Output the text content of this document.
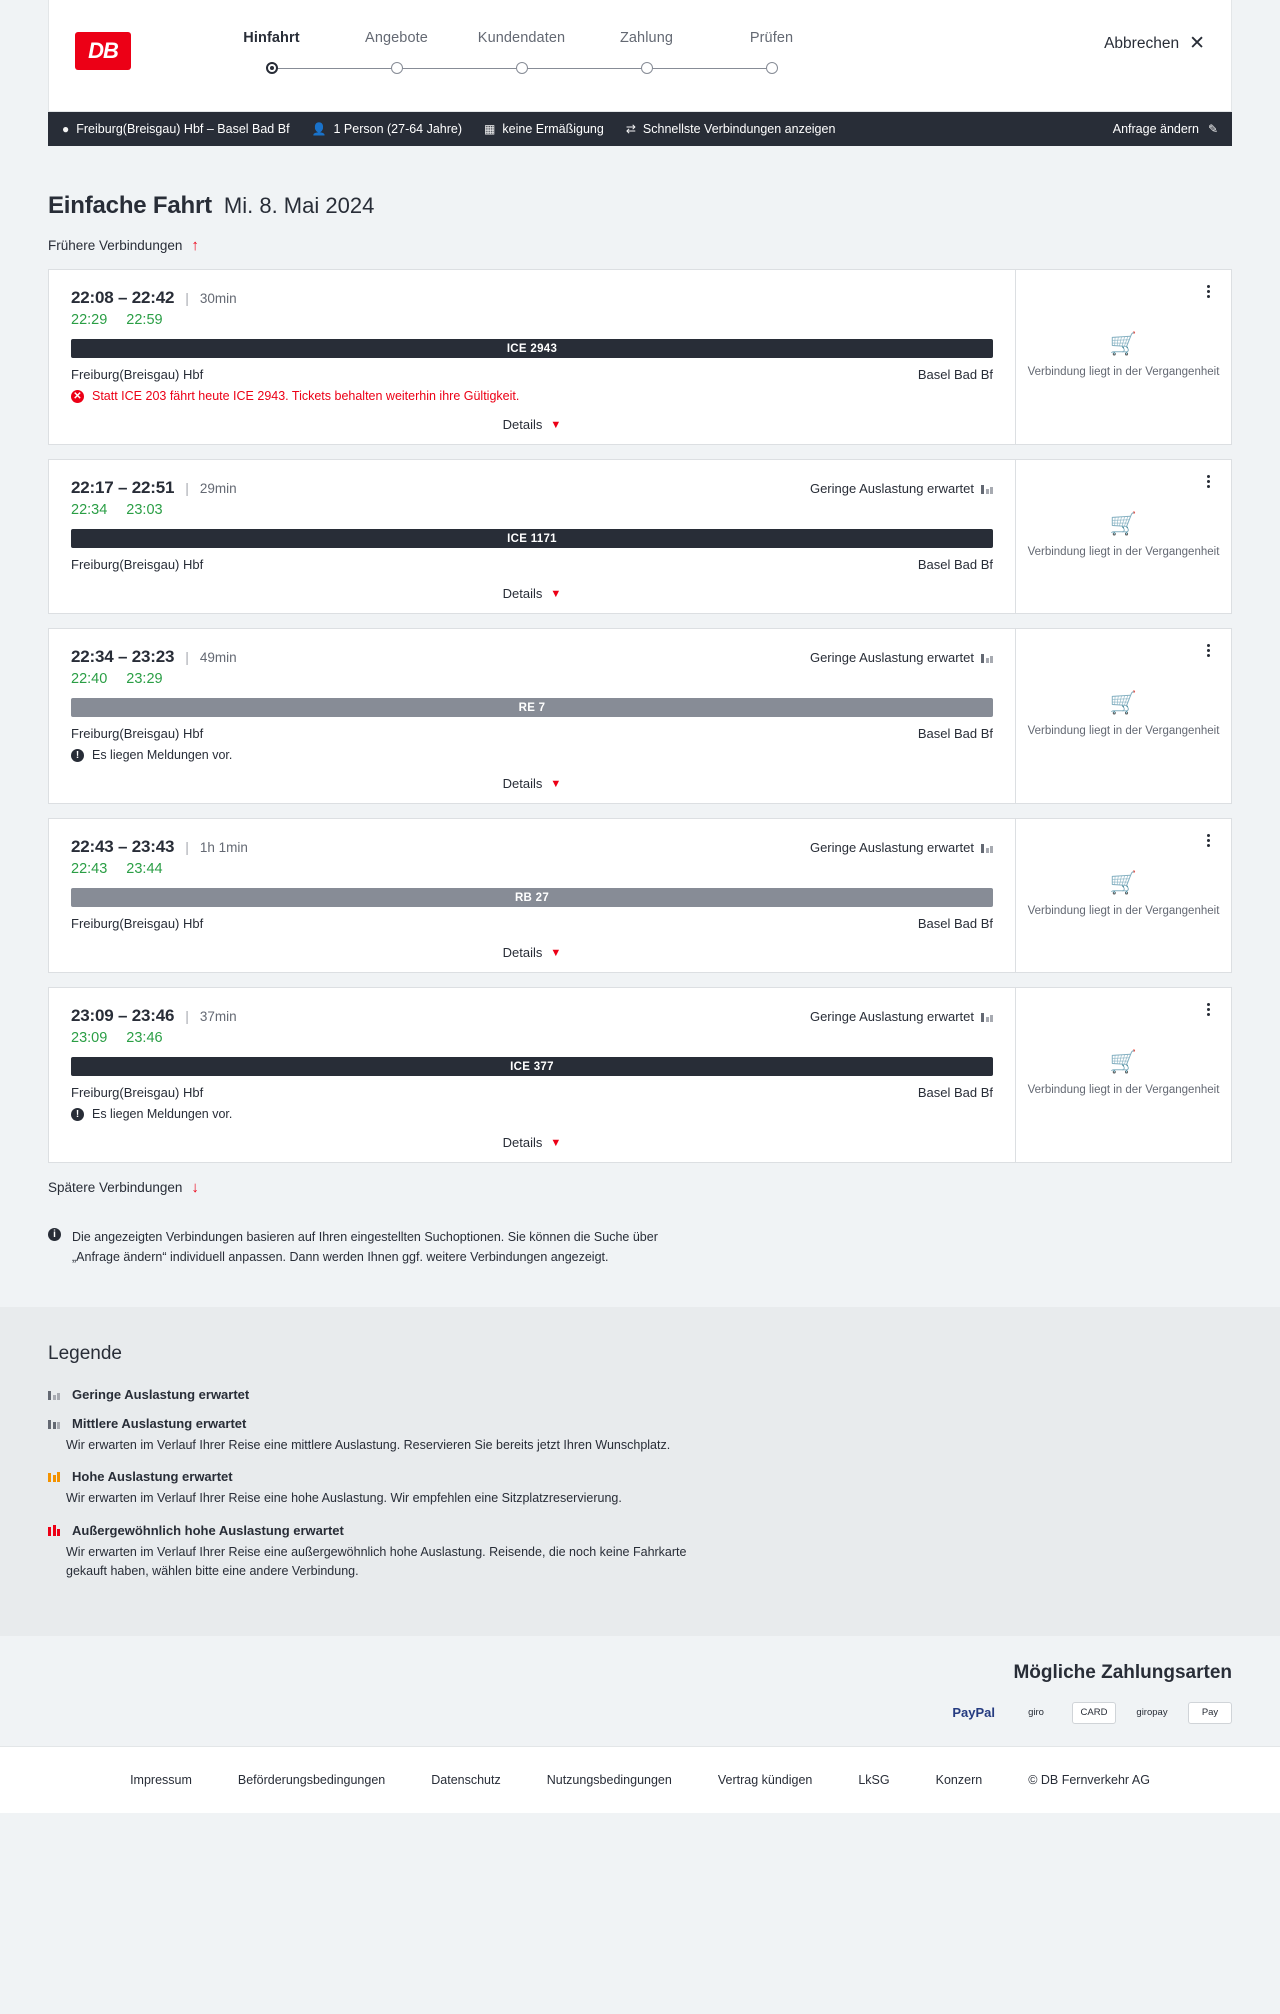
DB	Hinfahrt	Angebote	Kundendaten	Zahlung	Prüfen	Abbrechen ✕
● Freiburg(Breisgau) Hbf – Basel Bad Bf 👤 1 Person (27-64 Jahre) ▦ keine Ermäßigung ⇄ Schnellste Verbindungen anzeigen	Anfrage ändern ✎
Einfache Fahrt Mi. 8. Mai 2024
Frühere Verbindungen ↑
22:08 – 22:42 | 30min
22:29 22:59
ICE 2943
Freiburg(Breisgau) Hbf	Basel Bad Bf
✕ Statt ICE 203 fährt heute ICE 2943. Tickets behalten weiterhin ihre Gültigkeit.
Details ▼
🛒
Verbindung liegt in der Vergangenheit
22:17 – 22:51 | 29min	Geringe Auslastung erwartet
22:34 23:03
ICE 1171
Freiburg(Breisgau) Hbf	Basel Bad Bf
Details ▼
🛒
Verbindung liegt in der Vergangenheit
22:34 – 23:23 | 49min	Geringe Auslastung erwartet
22:40 23:29
RE 7
Freiburg(Breisgau) Hbf	Basel Bad Bf
!	Es liegen Meldungen vor.
Details ▼
🛒
Verbindung liegt in der Vergangenheit
22:43 – 23:43 | 1h 1min	Geringe Auslastung erwartet
22:43 23:44
RB 27
Freiburg(Breisgau) Hbf	Basel Bad Bf
Details ▼
🛒
Verbindung liegt in der Vergangenheit
23:09 – 23:46 | 37min	Geringe Auslastung erwartet
23:09 23:46
ICE 377
Freiburg(Breisgau) Hbf	Basel Bad Bf
!	Es liegen Meldungen vor.
Details ▼
🛒
Verbindung liegt in der Vergangenheit
Spätere Verbindungen ↓
i	Die angezeigten Verbindungen basieren auf Ihren eingestellten Suchoptionen. Sie können die Suche über „Anfrage ändern“ individuell anpassen. Dann werden Ihnen ggf. weitere Verbindungen angezeigt.
Legende
Geringe Auslastung erwartet
Mittlere Auslastung erwartet
Wir erwarten im Verlauf Ihrer Reise eine mittlere Auslastung. Reservieren Sie bereits jetzt Ihren Wunschplatz.
Hohe Auslastung erwartet
Wir erwarten im Verlauf Ihrer Reise eine hohe Auslastung. Wir empfehlen eine Sitzplatzreservierung.
Außergewöhnlich hohe Auslastung erwartet
Wir erwarten im Verlauf Ihrer Reise eine außergewöhnlich hohe Auslastung. Reisende, die noch keine Fahrkarte gekauft haben, wählen bitte eine andere Verbindung.
Mögliche Zahlungsarten
PayPal	giro	CARD	giropay	Pay
Impressum	Beförderungsbedingungen	Datenschutz	Nutzungsbedingungen	Vertrag kündigen	LkSG	Konzern	© DB Fernverkehr AG
